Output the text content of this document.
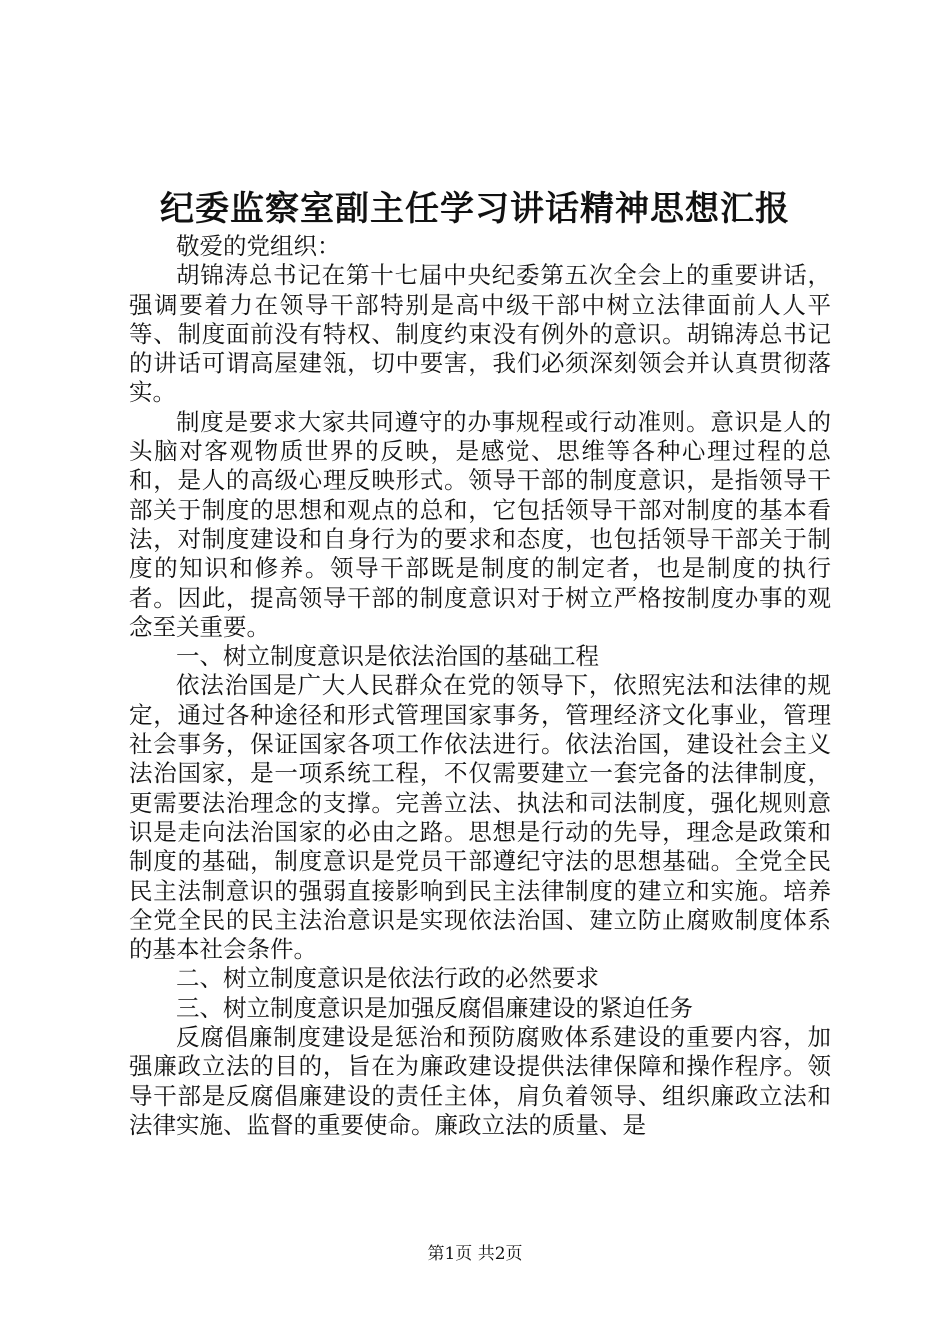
纪委监察室副主任学习讲话精神思想汇报

敬爱的党组织：

胡锦涛总书记在第十七届中央纪委第五次全会上的重要讲话，强调要着力在领导干部特别是高中级干部中树立法律面前人人平等、制度面前没有特权、制度约束没有例外的意识。胡锦涛总书记的讲话可谓高屋建瓴，切中要害，我们必须深刻领会并认真贯彻落实。

制度是要求大家共同遵守的办事规程或行动准则。意识是人的头脑对客观物质世界的反映，是感觉、思维等各种心理过程的总和，是人的高级心理反映形式。领导干部的制度意识，是指领导干部关于制度的思想和观点的总和，它包括领导干部对制度的基本看法，对制度建设和自身行为的要求和态度，也包括领导干部关于制度的知识和修养。领导干部既是制度的制定者，也是制度的执行者。因此，提高领导干部的制度意识对于树立严格按制度办事的观念至关重要。

一、树立制度意识是依法治国的基础工程

依法治国是广大人民群众在党的领导下，依照宪法和法律的规定，通过各种途径和形式管理国家事务，管理经济文化事业，管理社会事务，保证国家各项工作依法进行。依法治国，建设社会主义法治国家，是一项系统工程，不仅需要建立一套完备的法律制度，更需要法治理念的支撑。完善立法、执法和司法制度，强化规则意识是走向法治国家的必由之路。思想是行动的先导，理念是政策和制度的基础，制度意识是党员干部遵纪守法的思想基础。全党全民民主法制意识的强弱直接影响到民主法律制度的建立和实施。培养全党全民的民主法治意识是实现依法治国、建立防止腐败制度体系的基本社会条件。

二、树立制度意识是依法行政的必然要求

三、树立制度意识是加强反腐倡廉建设的紧迫任务

反腐倡廉制度建设是惩治和预防腐败体系建设的重要内容，加强廉政立法的目的，旨在为廉政建设提供法律保障和操作程序。领导干部是反腐倡廉建设的责任主体，肩负着领导、组织廉政立法和法律实施、监督的重要使命。廉政立法的质量、是

第1页 共2页
